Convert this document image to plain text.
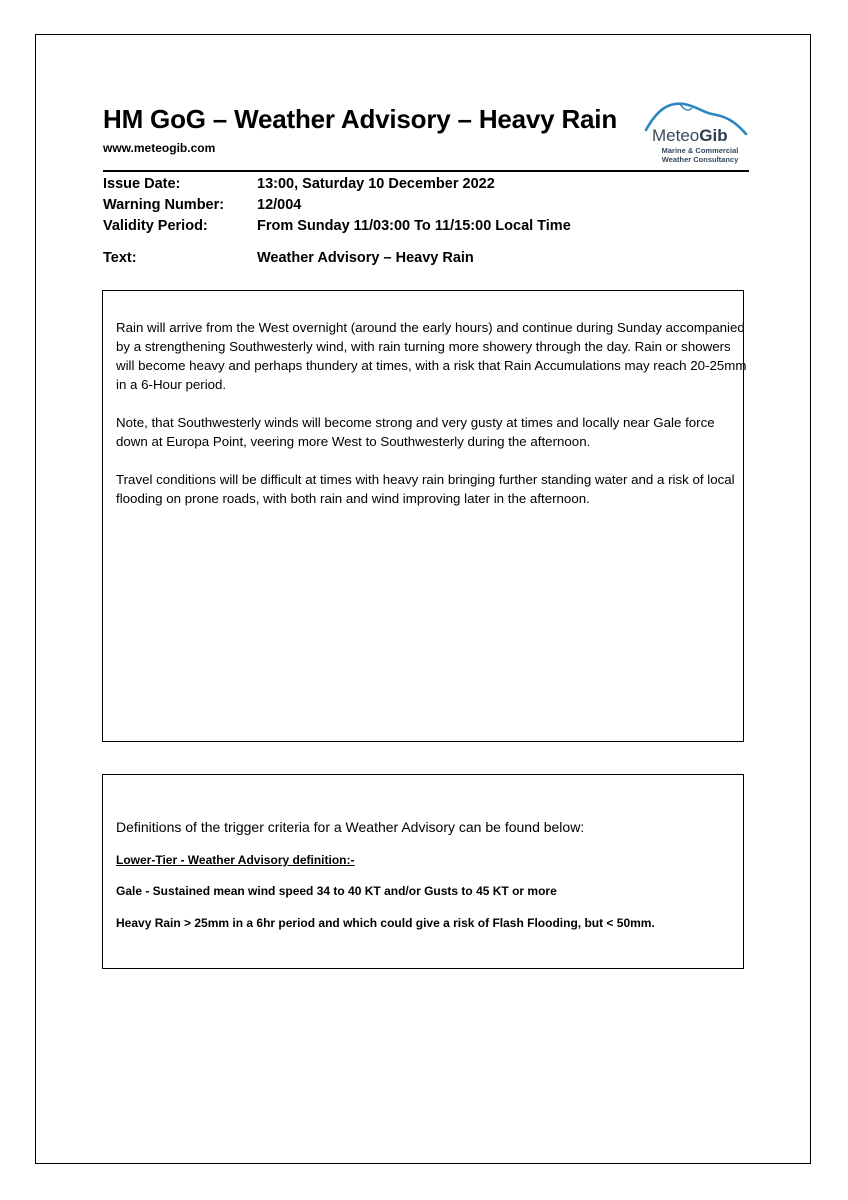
HM GoG – Weather Advisory – Heavy Rain
www.meteogib.com
MeteoGib
Marine & Commercial
Weather Consultancy
Issue Date:	13:00, Saturday 10 December 2022
Warning Number: 12/004
Validity Period:	From Sunday 11/03:00 To 11/15:00 Local Time
Text:	Weather Advisory – Heavy Rain
Rain will arrive from the West overnight (around the early hours) and continue during Sunday accompanied by a strengthening Southwesterly wind, with rain turning more showery through the day. Rain or showers will become heavy and perhaps thundery at times, with a risk that Rain Accumulations may reach 20-25mm in a 6-Hour period.
Note, that Southwesterly winds will become strong and very gusty at times and locally near Gale force down at Europa Point, veering more West to Southwesterly during the afternoon.
Travel conditions will be difficult at times with heavy rain bringing further standing water and a risk of local flooding on prone roads, with both rain and wind improving later in the afternoon.
Definitions of the trigger criteria for a Weather Advisory can be found below:
Lower-Tier - Weather Advisory definition:-
Gale - Sustained mean wind speed 34 to 40 KT and/or Gusts to 45 KT or more
Heavy Rain > 25mm in a 6hr period and which could give a risk of Flash Flooding, but < 50mm.
